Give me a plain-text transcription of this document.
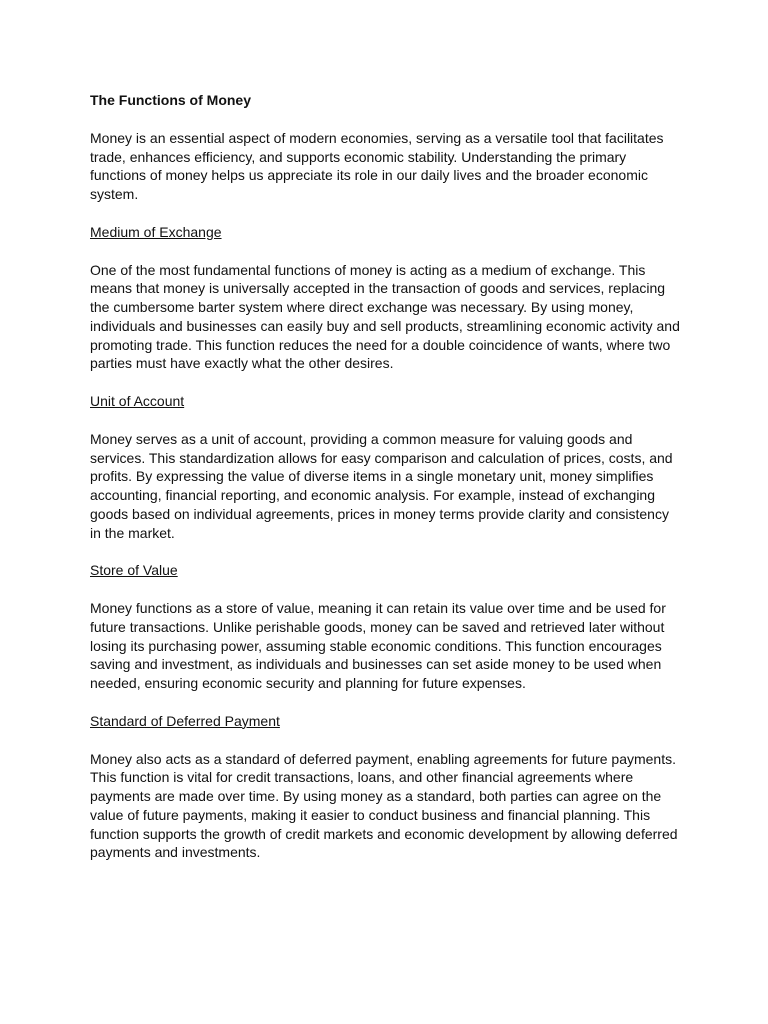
The Functions of Money

Money is an essential aspect of modern economies, serving as a versatile tool that facilitates trade, enhances efficiency, and supports economic stability. Understanding the primary functions of money helps us appreciate its role in our daily lives and the broader economic system.

Medium of Exchange

One of the most fundamental functions of money is acting as a medium of exchange. This means that money is universally accepted in the transaction of goods and services, replacing the cumbersome barter system where direct exchange was necessary. By using money, individuals and businesses can easily buy and sell products, streamlining economic activity and promoting trade. This function reduces the need for a double coincidence of wants, where two parties must have exactly what the other desires.

Unit of Account

Money serves as a unit of account, providing a common measure for valuing goods and services. This standardization allows for easy comparison and calculation of prices, costs, and profits. By expressing the value of diverse items in a single monetary unit, money simplifies accounting, financial reporting, and economic analysis. For example, instead of exchanging goods based on individual agreements, prices in money terms provide clarity and consistency in the market.

Store of Value

Money functions as a store of value, meaning it can retain its value over time and be used for future transactions. Unlike perishable goods, money can be saved and retrieved later without losing its purchasing power, assuming stable economic conditions. This function encourages saving and investment, as individuals and businesses can set aside money to be used when needed, ensuring economic security and planning for future expenses.

Standard of Deferred Payment

Money also acts as a standard of deferred payment, enabling agreements for future payments. This function is vital for credit transactions, loans, and other financial agreements where payments are made over time. By using money as a standard, both parties can agree on the value of future payments, making it easier to conduct business and financial planning. This function supports the growth of credit markets and economic development by allowing deferred payments and investments.
